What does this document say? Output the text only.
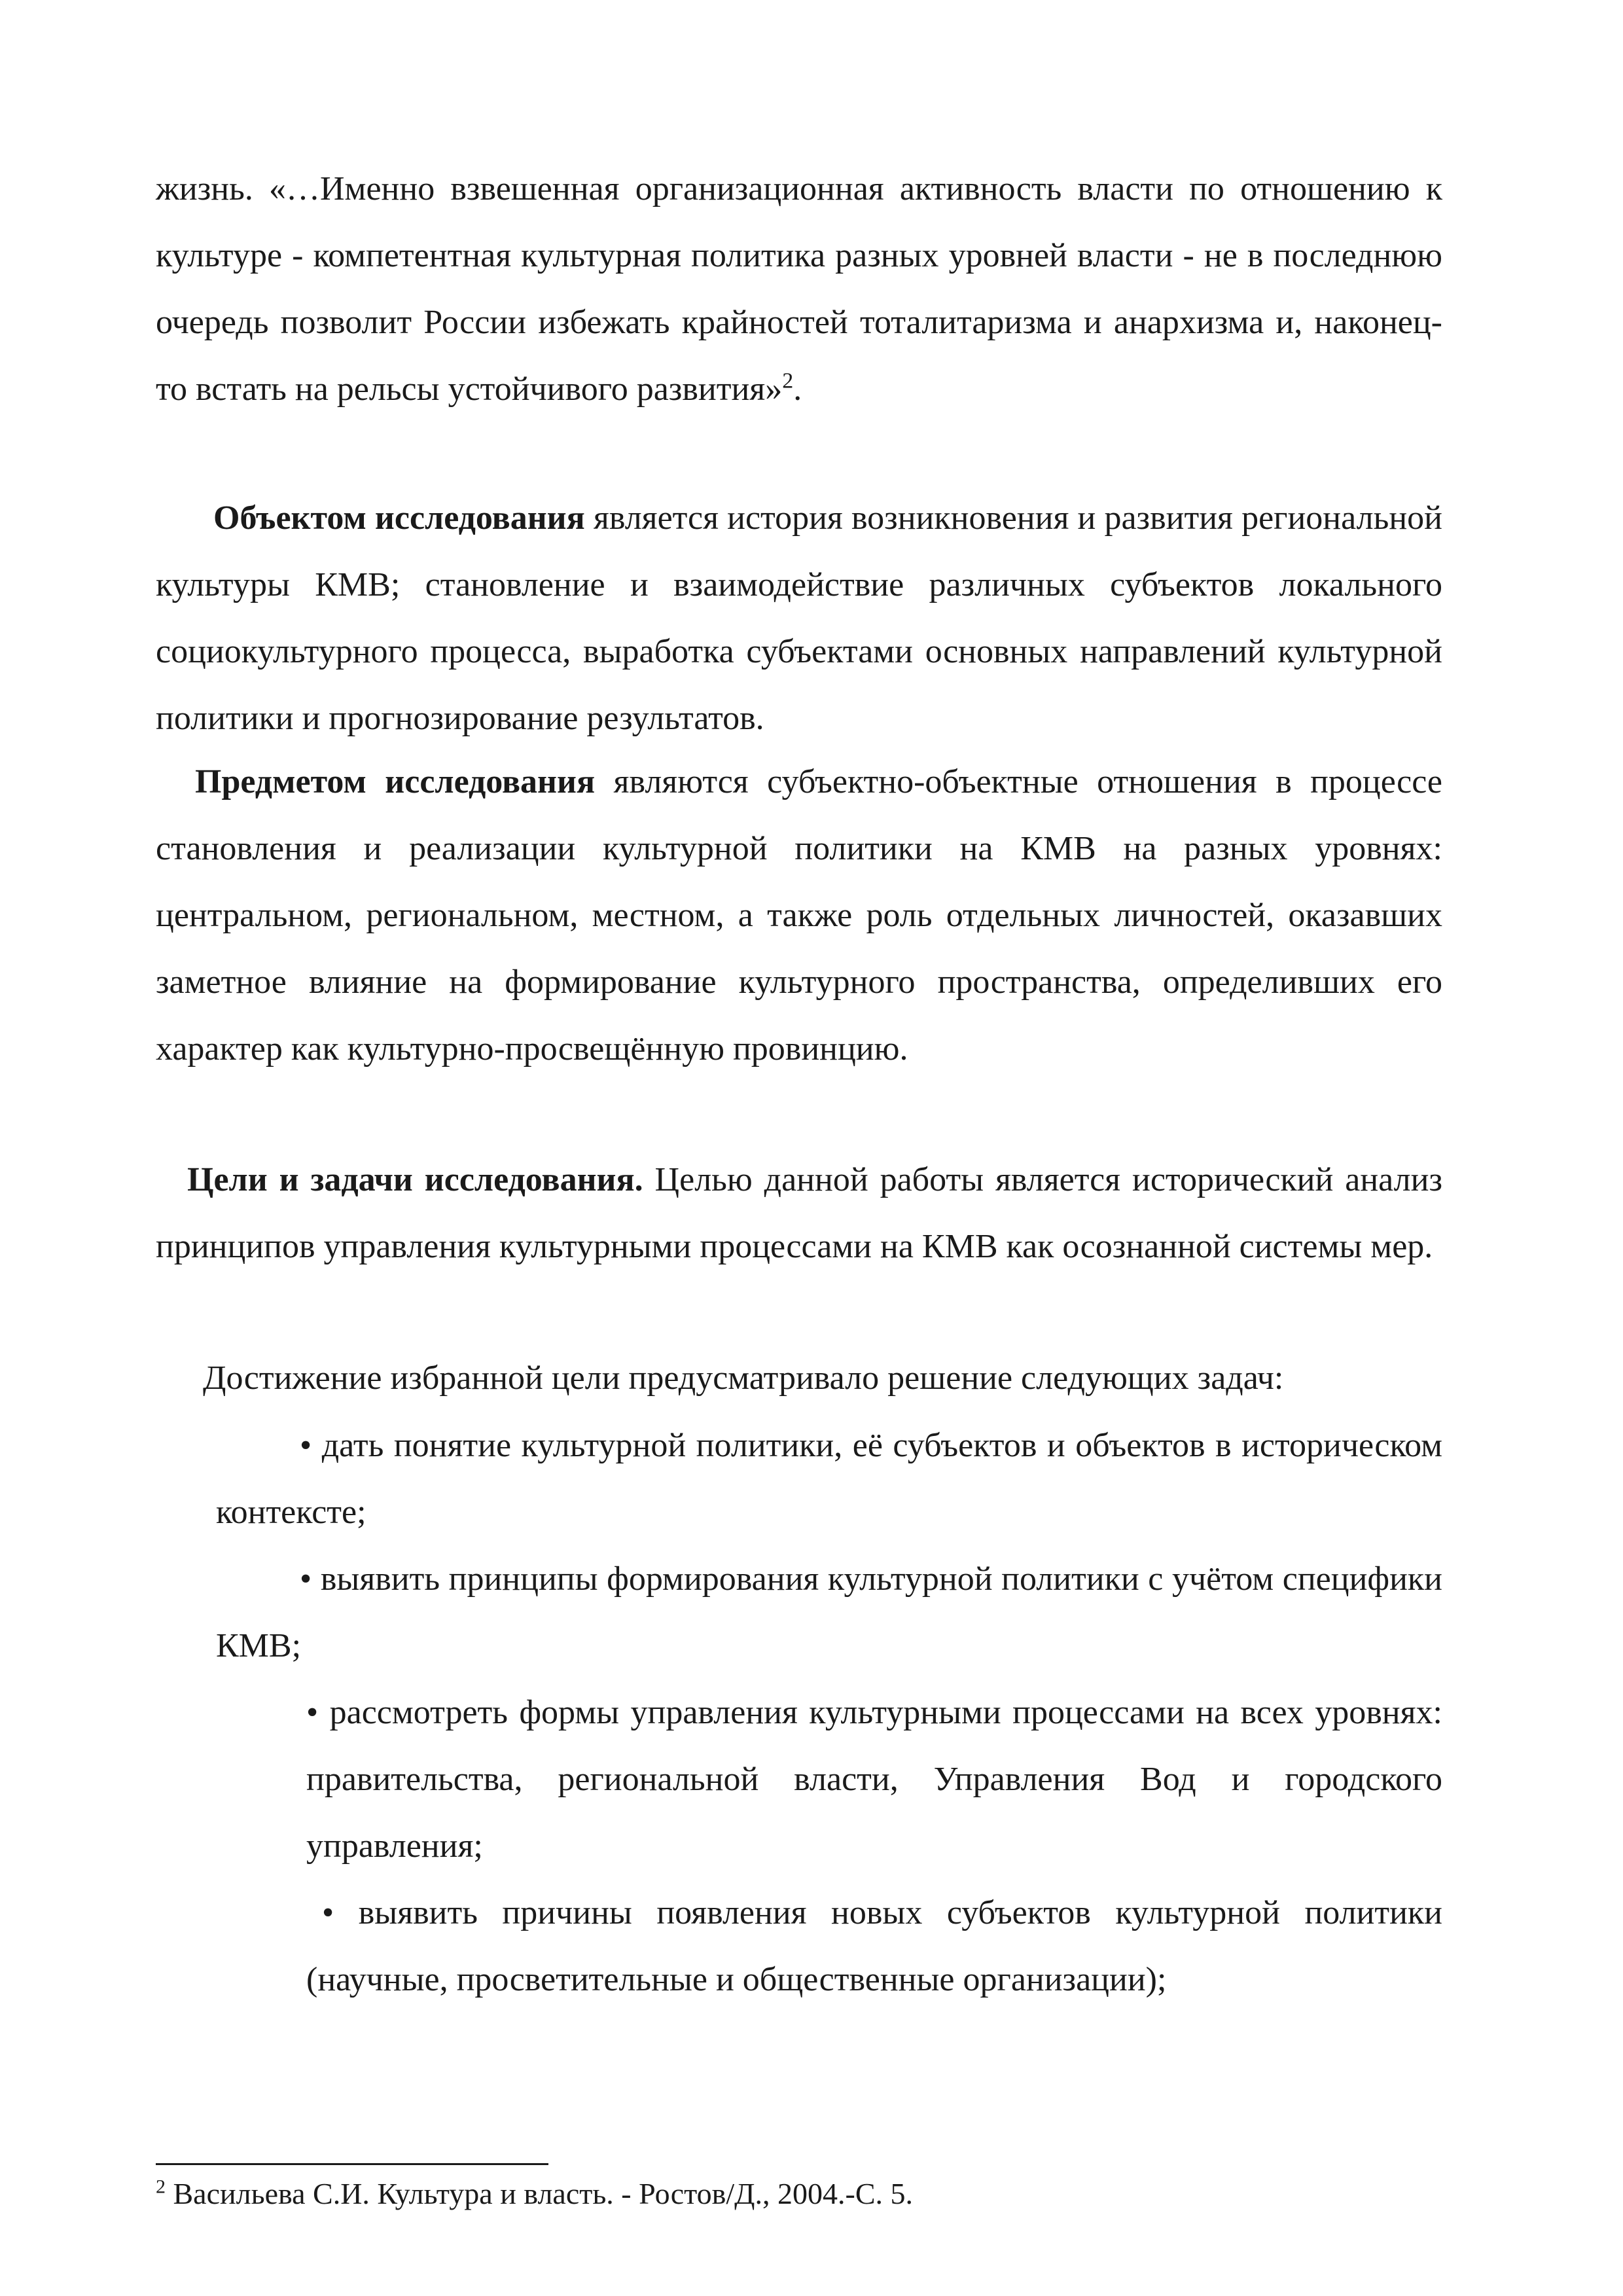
жизнь. «…Именно взвешенная организационная активность власти по отношению к культуре - компетентная культурная политика разных уровней власти - не в последнюю очередь позволит России избежать крайностей тоталитаризма и анархизма и, наконец-то встать на рельсы устойчивого развития»$^2$.

Объектом исследования является история возникновения и развития региональной культуры КМВ; становление и взаимодействие различных субъектов локального социокультурного процесса, выработка субъектами основных направлений культурной политики и прогнозирование результатов.

Предметом исследования являются субъектно-объектные отношения в процессе становления и реализации культурной политики на КМВ на разных уровнях: центральном, региональном, местном, а также роль отдельных личностей, оказавших заметное влияние на формирование культурного пространства, определивших его характер как культурно-просвещённую провинцию.

Цели и задачи исследования. Целью данной работы является исторический анализ принципов управления культурными процессами на КМВ как осознанной системы мер.

Достижение избранной цели предусматривало решение следующих задач:

• дать понятие культурной политики, её субъектов и объектов в историческом контексте;

• выявить принципы формирования культурной политики с учётом специфики КМВ;

• рассмотреть формы управления культурными процессами на всех уровнях: правительства, региональной власти, Управления Вод и городского управления;

• выявить причины появления новых субъектов культурной политики (научные, просветительные и общественные организации);

$^2$ Васильева С.И. Культура и власть. - Ростов/Д., 2004.-С. 5.
